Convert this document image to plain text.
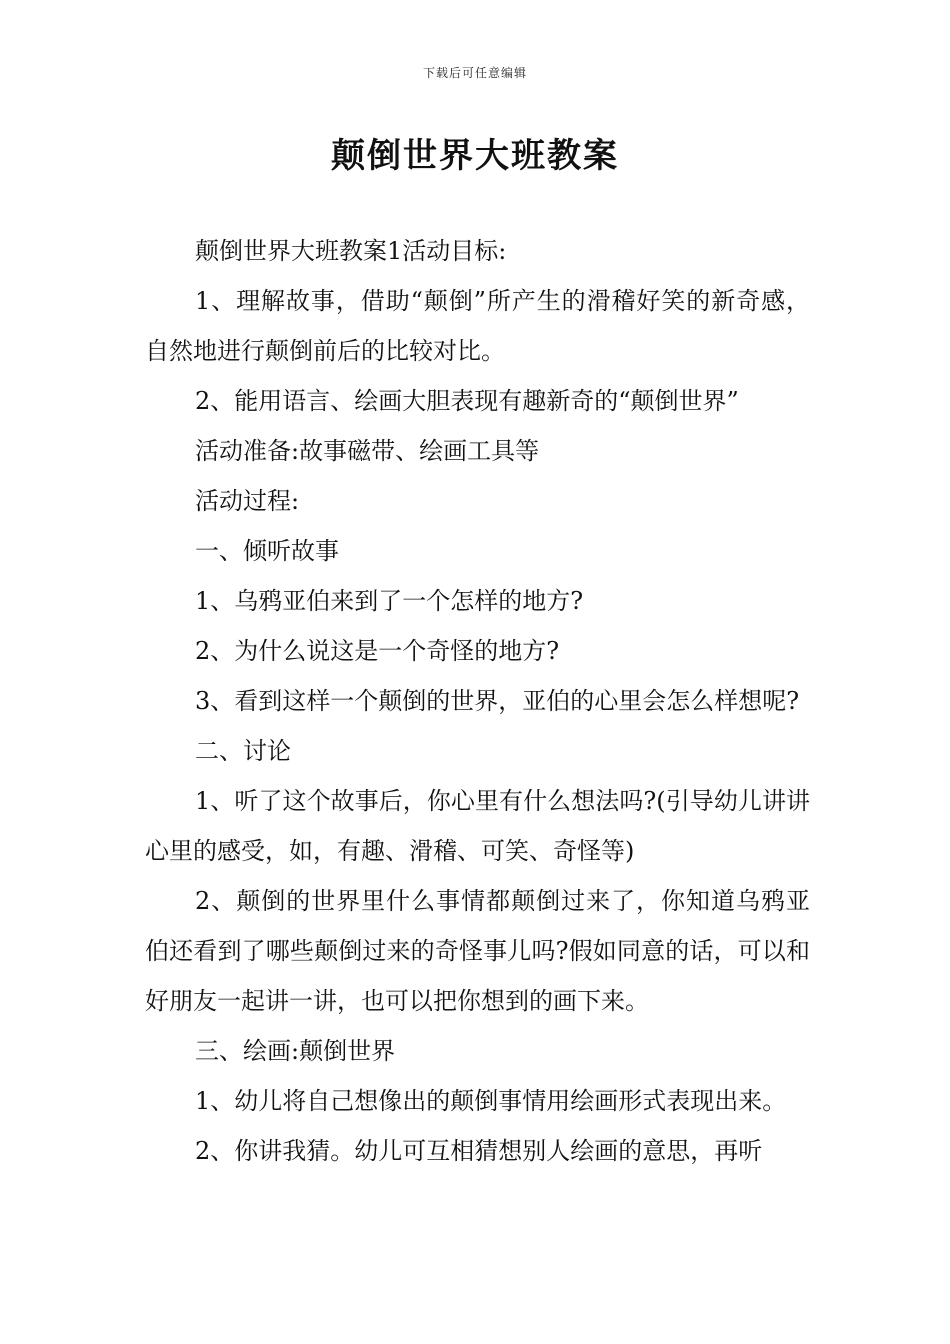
下载后可任意编辑
颠倒世界大班教案

颠倒世界大班教案1活动目标:

1、理解故事，借助“颠倒”所产生的滑稽好笑的新奇感，自然地进行颠倒前后的比较对比。

2、能用语言、绘画大胆表现有趣新奇的“颠倒世界”

活动准备:故事磁带、绘画工具等

活动过程:

一、倾听故事

1、乌鸦亚伯来到了一个怎样的地方?

2、为什么说这是一个奇怪的地方?

3、看到这样一个颠倒的世界，亚伯的心里会怎么样想呢?

二、讨论

1、听了这个故事后，你心里有什么想法吗?(引导幼儿讲讲心里的感受，如，有趣、滑稽、可笑、奇怪等)

2、颠倒的世界里什么事情都颠倒过来了，你知道乌鸦亚伯还看到了哪些颠倒过来的奇怪事儿吗?假如同意的话，可以和好朋友一起讲一讲，也可以把你想到的画下来。

三、绘画:颠倒世界

1、幼儿将自己想像出的颠倒事情用绘画形式表现出来。

2、你讲我猜。幼儿可互相猜想别人绘画的意思，再听
